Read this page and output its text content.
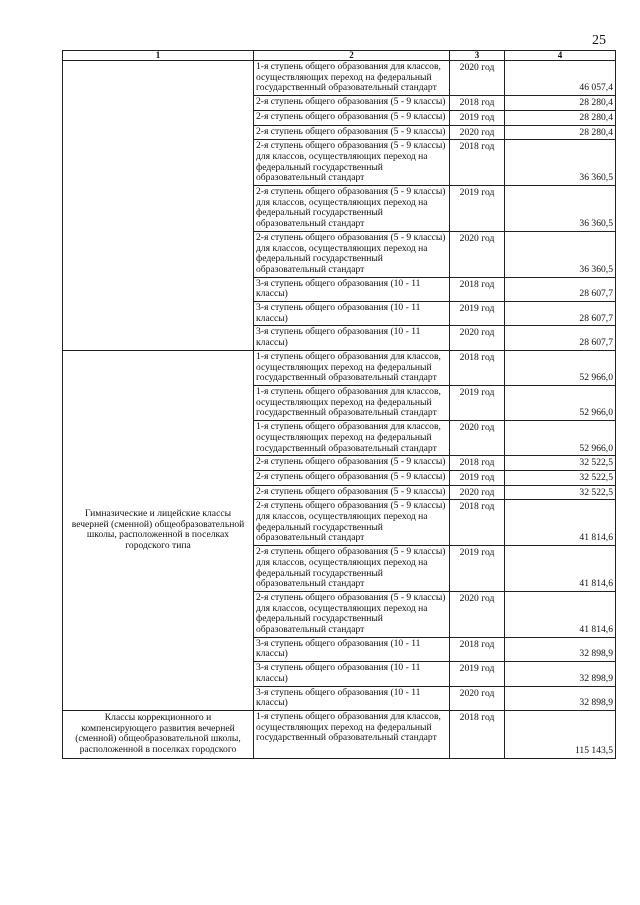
25
1	2	3	4
	1-я ступень общего образования для классов, осуществляющих переход на федеральный государственный образовательный стандарт	2020 год	46 057,4
	2-я ступень общего образования (5 - 9 классы)	2018 год	28 280,4
	2-я ступень общего образования (5 - 9 классы)	2019 год	28 280,4
	2-я ступень общего образования (5 - 9 классы)	2020 год	28 280,4
	2-я ступень общего образования (5 - 9 классы) для классов, осуществляющих переход на федеральный государственный образовательный стандарт	2018 год	36 360,5
	2-я ступень общего образования (5 - 9 классы) для классов, осуществляющих переход на федеральный государственный образовательный стандарт	2019 год	36 360,5
	2-я ступень общего образования (5 - 9 классы) для классов, осуществляющих переход на федеральный государственный образовательный стандарт	2020 год	36 360,5
	3-я ступень общего образования (10 - 11 классы)	2018 год	28 607,7
	3-я ступень общего образования (10 - 11 классы)	2019 год	28 607,7
	3-я ступень общего образования (10 - 11 классы)	2020 год	28 607,7
Гимназические и лицейские классы вечерней (сменной) общеобразовательной школы, расположенной в поселках городского типа	1-я ступень общего образования для классов, осуществляющих переход на федеральный государственный образовательный стандарт	2018 год	52 966,0
	1-я ступень общего образования для классов, осуществляющих переход на федеральный государственный образовательный стандарт	2019 год	52 966,0
	1-я ступень общего образования для классов, осуществляющих переход на федеральный государственный образовательный стандарт	2020 год	52 966,0
	2-я ступень общего образования (5 - 9 классы)	2018 год	32 522,5
	2-я ступень общего образования (5 - 9 классы)	2019 год	32 522,5
	2-я ступень общего образования (5 - 9 классы)	2020 год	32 522,5
	2-я ступень общего образования (5 - 9 классы) для классов, осуществляющих переход на федеральный государственный образовательный стандарт	2018 год	41 814,6
	2-я ступень общего образования (5 - 9 классы) для классов, осуществляющих переход на федеральный государственный образовательный стандарт	2019 год	41 814,6
	2-я ступень общего образования (5 - 9 классы) для классов, осуществляющих переход на федеральный государственный образовательный стандарт	2020 год	41 814,6
	3-я ступень общего образования (10 - 11 классы)	2018 год	32 898,9
	3-я ступень общего образования (10 - 11 классы)	2019 год	32 898,9
	3-я ступень общего образования (10 - 11 классы)	2020 год	32 898,9
Классы коррекционного и компенсирующего развития вечерней (сменной) общеобразовательной школы, расположенной в поселках городского	1-я ступень общего образования для классов, осуществляющих переход на федеральный государственный образовательный стандарт	2018 год	115 143,5
